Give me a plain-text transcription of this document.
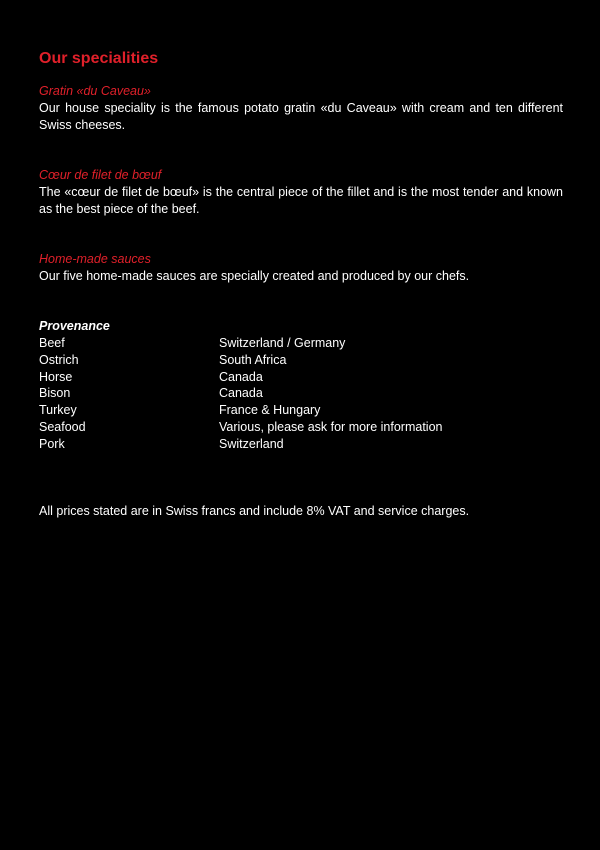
Our specialities
Gratin «du Caveau»
Our house speciality is the famous potato gratin «du Caveau» with cream and ten different Swiss cheeses.
Cœur de filet de bœuf
The «cœur de filet de bœuf» is the central piece of the fillet and is the most tender and known as the best piece of the beef.
Home-made sauces
Our five home-made sauces are specially created and produced by our chefs.
Provenance
Beef	Switzerland / Germany
Ostrich	South Africa
Horse	Canada
Bison	Canada
Turkey	France & Hungary
Seafood	Various, please ask for more information
Pork	Switzerland
All prices stated are in Swiss francs and include 8% VAT and service charges.
